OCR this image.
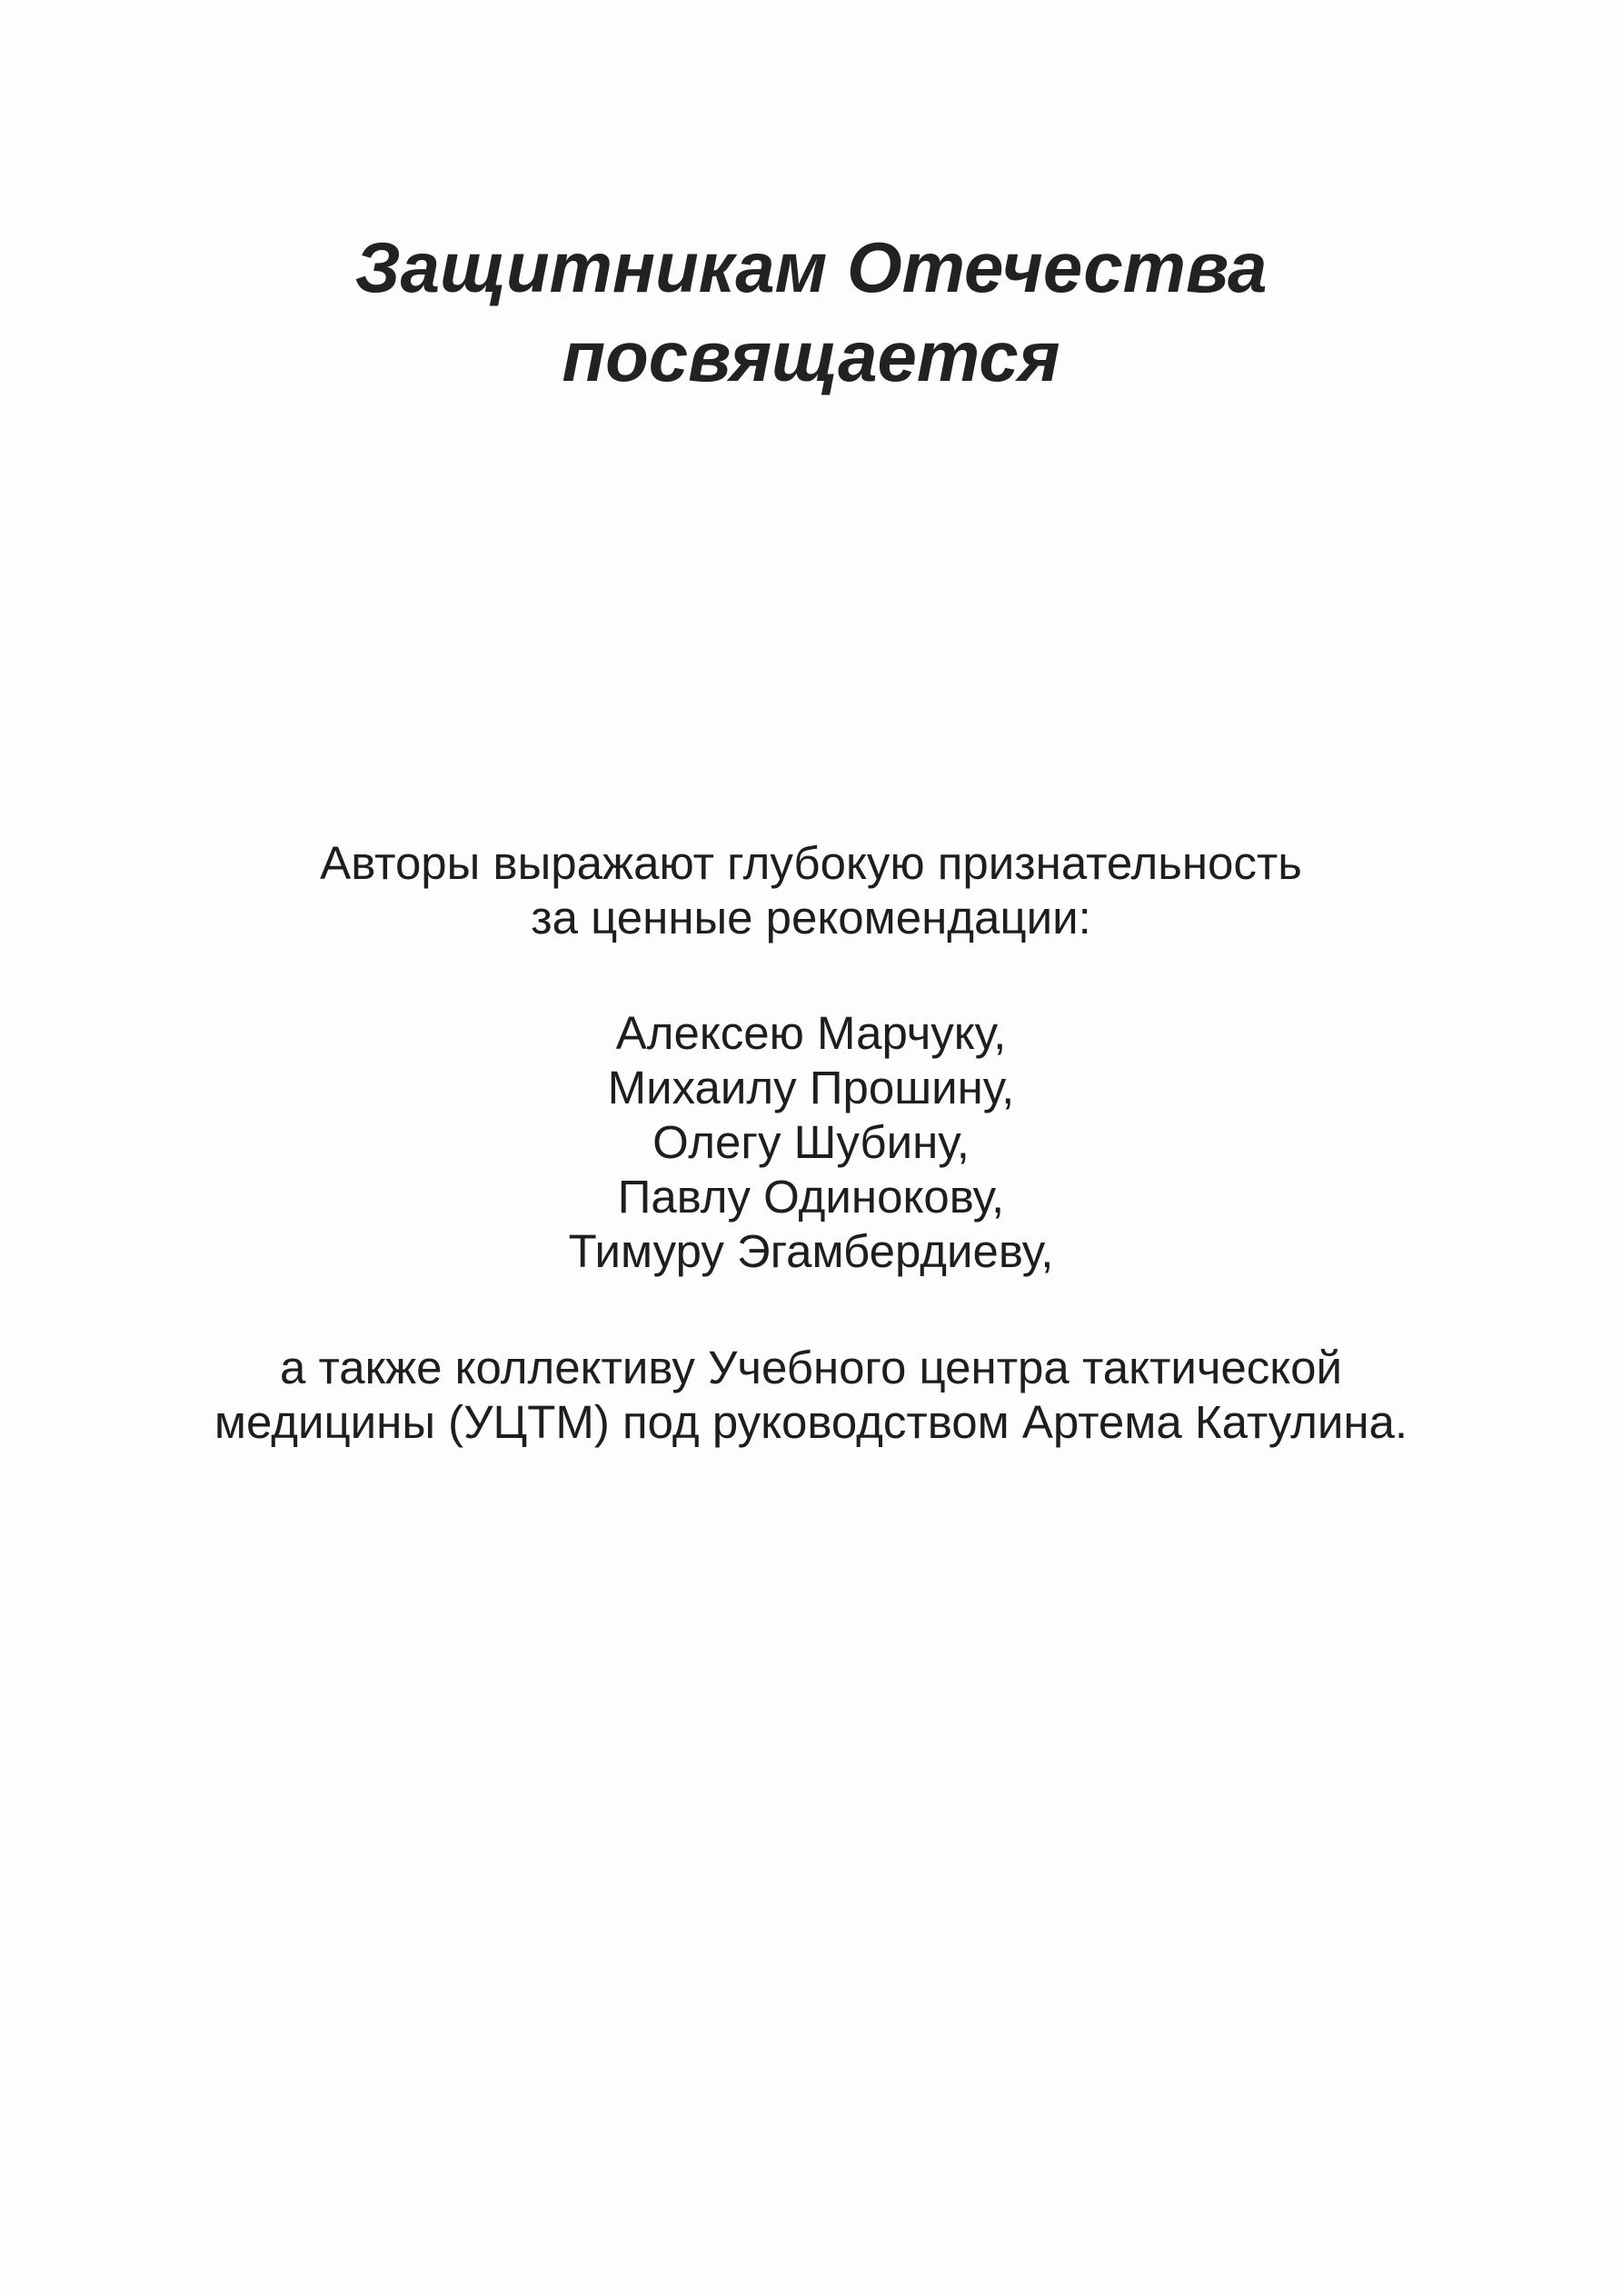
Защитникам Отечества
посвящается
Авторы выражают глубокую признательность
за ценные рекомендации:
Алексею Марчуку,
Михаилу Прошину,
Олегу Шубину,
Павлу Одинокову,
Тимуру Эгамбердиеву,
а также коллективу Учебного центра тактической
медицины (УЦТМ) под руководством Артема Катулина.
